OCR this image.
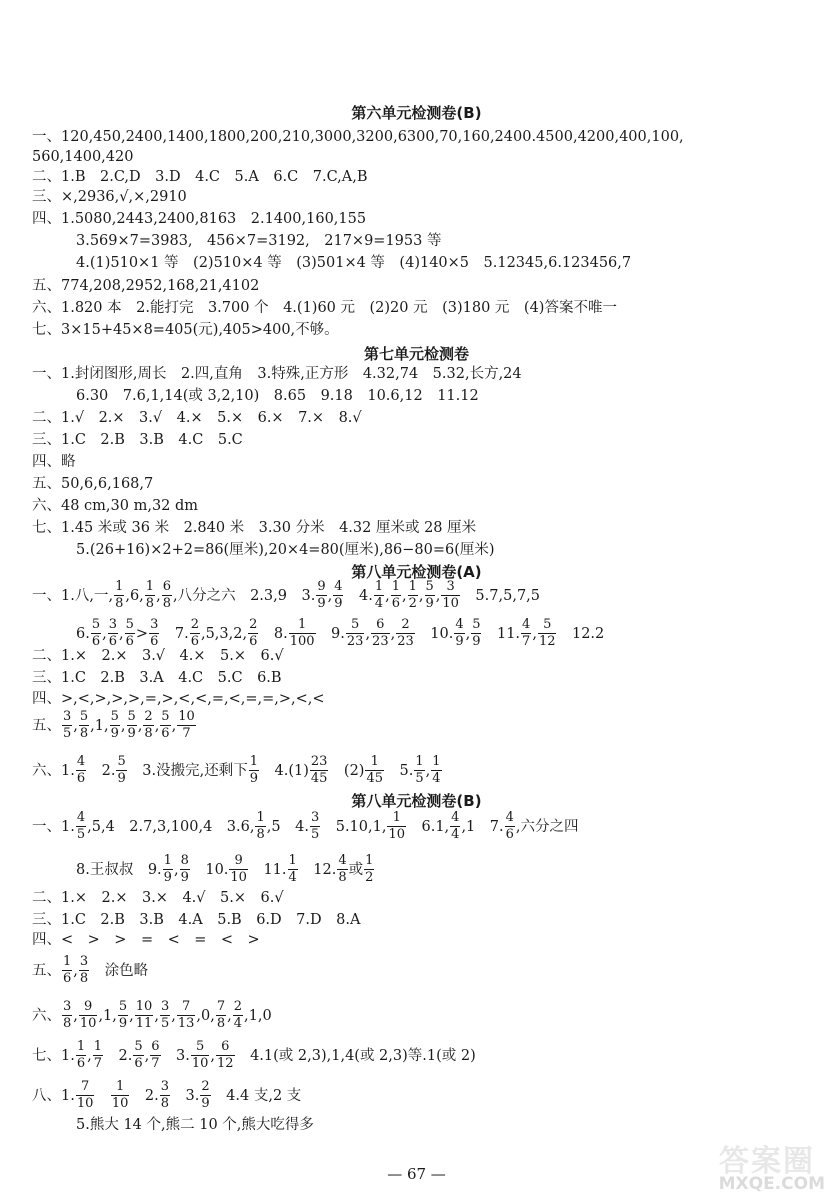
第六单元检测卷(B)
一、120,450,2400,1400,1800,200,210,3000,3200,6300,70,160,2400.4500,4200,400,100,
560,1400,420
二、1.B　2.C,D　3.D　4.C　5.A　6.C　7.C,A,B
三、×,2936,√,×,2910
四、1.5080,2443,2400,8163　2.1400,160,155
3.569×7=3983,　456×7=3192,　217×9=1953 等
4.(1)510×1 等　(2)510×4 等　(3)501×4 等　(4)140×5　5.12345,6.123456,7
五、774,208,2952,168,21,4102
六、1.820 本　2.能打完　3.700 个　4.(1)60 元　(2)20 元　(3)180 元　(4)答案不唯一
七、3×15+45×8=405(元),405>400,不够。
第七单元检测卷
一、1.封闭图形,周长　2.四,直角　3.特殊,正方形　4.32,74　5.32,长方,24
6.30　7.6,1,14(或 3,2,10)　8.65　9.18　10.6,12　11.12
二、1.√　2.×　3.√　4.×　5.×　6.×　7.×　8.√
三、1.C　2.B　3.B　4.C　5.C
四、略
五、50,6,6,168,7
六、48 cm,30 m,32 dm
七、1.45 米或 36 米　2.840 米　3.30 分米　4.32 厘米或 28 厘米
5.(26+16)×2+2=86(厘米),20×4=80(厘米),86−80=6(厘米)
第八单元检测卷(A)
一、1.八,一, $\frac{1}{8} ,6$, $\frac{1}{8}$ , $\frac{6}{8}$ ,八分之六　2.3,9　3. $\frac{9}{9}$ , $\frac{4}{9}$ 　4. $\frac{1}{4}$ , $\frac{1}{6}$ , $\frac{1}{2}$ , $\frac{5}{9}$ , $\frac{3}{10}$ 　5.7,5,7,5
6. $\frac{5}{6}$ , $\frac{3}{6}$ , $\frac{5}{6} > \frac{3}{6}$ 　7. $\frac{2}{6} ,5,3,2$, $\frac{2}{6}$ 　8. $\frac{1}{100}$ 　9. $\frac{5}{23}$ , $\frac{6}{23}$ , $\frac{2}{23}$ 　10. $\frac{4}{9}$ , $\frac{5}{9}$ 　11. $\frac{4}{7}$ , $\frac{5}{12}$ 　12.2
二、1.×　2.×　3.√　4.×　5.×　6.√
三、1.C　2.B　3.A　4.C　5.C　6.B
四、>,<,>,>,>,=,>,<,<,=,<,=,=,>,<,<
五、 $\frac{3}{5}$ , $\frac{5}{8} ,1$, $\frac{5}{9}$ , $\frac{5}{9}$ , $\frac{2}{8}$ , $\frac{5}{6}$ , $\frac{10}{7}$
六、1. $\frac{4}{6}$ 　2. $\frac{5}{9}$ 　3.没搬完,还剩下 $\frac{1}{9}$ 　$4.(1) \frac{23}{45}$ 　$(2) \frac{1}{45}$ 　5. $\frac{1}{5}$ , $\frac{1}{4}$
第八单元检测卷(B)
一、1. $\frac{4}{5} ,5,4$　2.7,3,100,4　3.6, $\frac{1}{8} ,5$　4. $\frac{3}{5}$ 　5.10,1, $\frac{1}{10}$ 　6.1, $\frac{4}{4} ,1$　7. $\frac{4}{6}$ ,六分之四
8.王叔叔　9. $\frac{1}{9}$ , $\frac{8}{9}$ 　10. $\frac{9}{10}$ 　11. $\frac{1}{4}$ 　12. $\frac{4}{8}$ 或 $\frac{1}{2}$
二、1.×　2.×　3.×　4.√　5.×　6.√
三、1.C　2.B　3.B　4.A　5.B　6.D　7.D　8.A
四、<　>　>　=　<　=　<　>
五、 $\frac{1}{6}$ , $\frac{3}{8}$ 　涂色略
六、 $\frac{3}{8}$ , $\frac{9}{10} ,1$, $\frac{5}{9}$ , $\frac{10}{11}$ , $\frac{3}{5}$ , $\frac{7}{13} ,0$, $\frac{7}{8}$ , $\frac{2}{4} ,1,0$
七、1. $\frac{1}{6}$ , $\frac{1}{7}$ 　2. $\frac{5}{6}$ , $\frac{6}{7}$ 　3. $\frac{5}{10}$ , $\frac{6}{12}$ 　4.1(或 2,3),1,4(或 2,3)等.1(或 2)
八、1. $\frac{7}{10}$
　 $\frac{1}{10}$ 　2. $\frac{3}{8}$ 　3. $\frac{2}{9}$ 　4.4 支,2 支
5.熊大 14 个,熊二 10 个,熊大吃得多
— 67 —	答案圈
MXQE.COM
